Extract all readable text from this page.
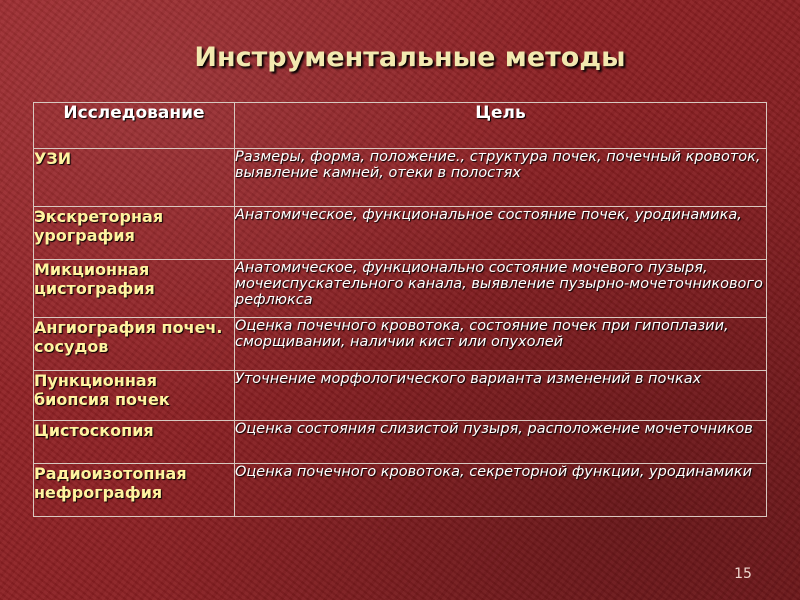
Инструментальные методы
Исследование	Цель
УЗИ	Размеры, форма, положение., структура почек, почечный кровоток, выявление камней, отеки в полостях
Экскреторная урография	Анатомическое, функциональное состояние почек, уродинамика,
Микционная цистография	Анатомическое, функционально состояние мочевого пузыря, мочеиспускательного канала, выявление пузырно-мочеточникового рефлюкса
Ангиография почеч. сосудов	Оценка почечного кровотока, состояние почек при гипоплазии, сморщивании, наличии кист или опухолей
Пункционная биопсия почек	Уточнение морфологического варианта изменений в почках
Цистоскопия	Оценка состояния слизистой пузыря, расположение мочеточников
Радиоизотопная нефрография	Оценка почечного кровотока, секреторной функции, уродинамики
15
